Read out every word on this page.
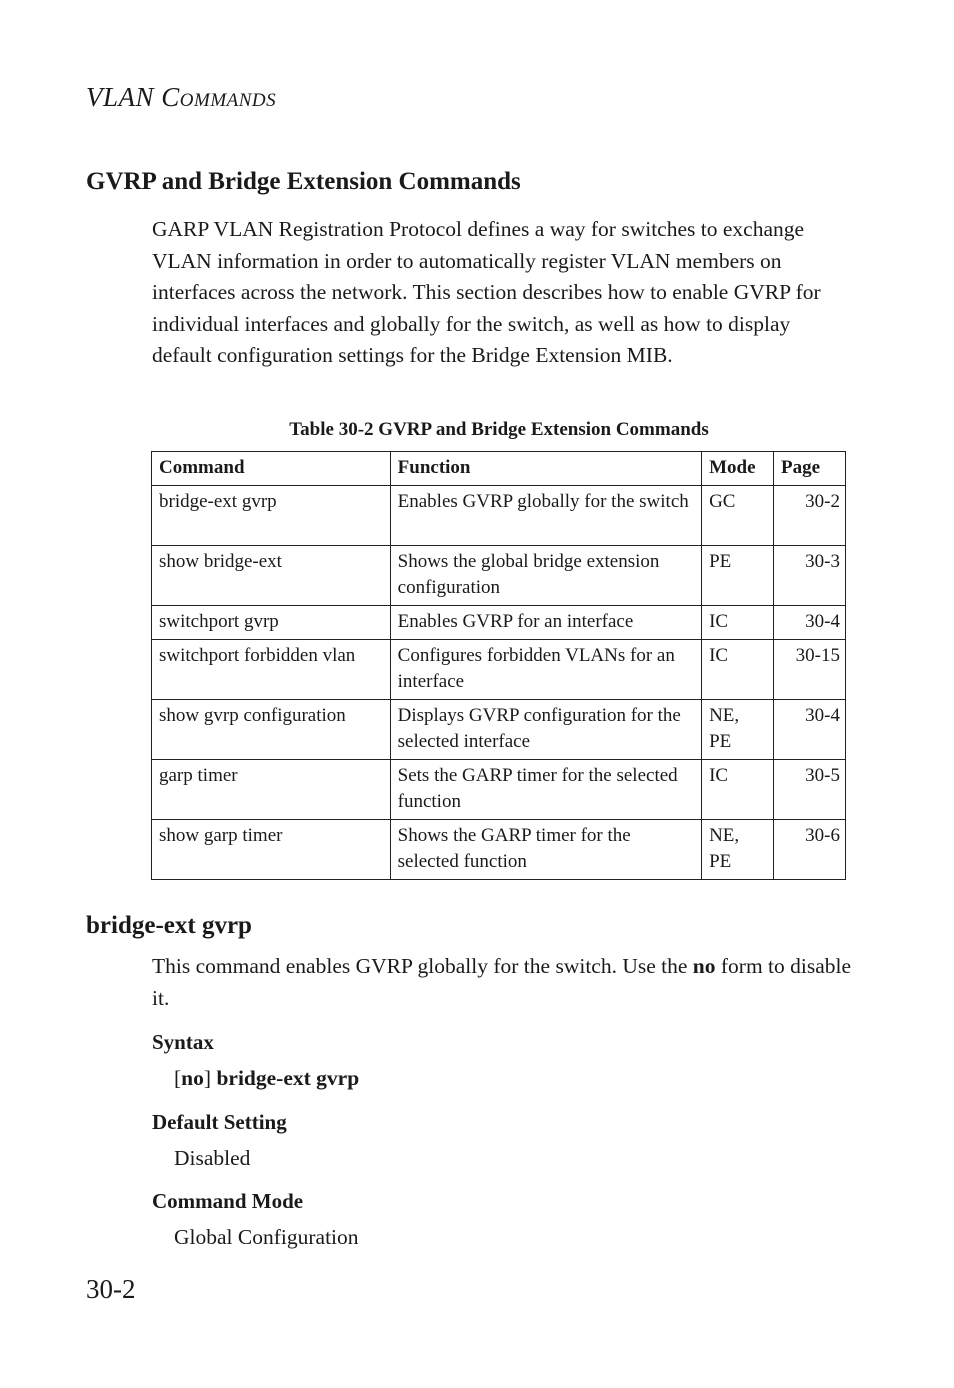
VLAN COMMANDS
GVRP and Bridge Extension Commands

GARP VLAN Registration Protocol defines a way for switches to exchange VLAN information in order to automatically register VLAN members on interfaces across the network. This section describes how to enable GVRP for individual interfaces and globally for the switch, as well as how to display default configuration settings for the Bridge Extension MIB.

Table 30-2 GVRP and Bridge Extension Commands
Command	Function	Mode	Page
bridge-ext gvrp	Enables GVRP globally for the switch	GC	30-2
show bridge-ext	Shows the global bridge extension configuration	PE	30-3
switchport gvrp	Enables GVRP for an interface	IC	30-4
switchport forbidden vlan	Configures forbidden VLANs for an interface	IC	30-15
show gvrp configuration	Displays GVRP configuration for the selected interface	NE, PE	30-4
garp timer	Sets the GARP timer for the selected function	IC	30-5
show garp timer	Shows the GARP timer for the selected function	NE, PE	30-6
bridge-ext gvrp

This command enables GVRP globally for the switch. Use the no form to disable it.

Syntax
[no] bridge-ext gvrp
Default Setting
Disabled
Command Mode
Global Configuration
30-2
